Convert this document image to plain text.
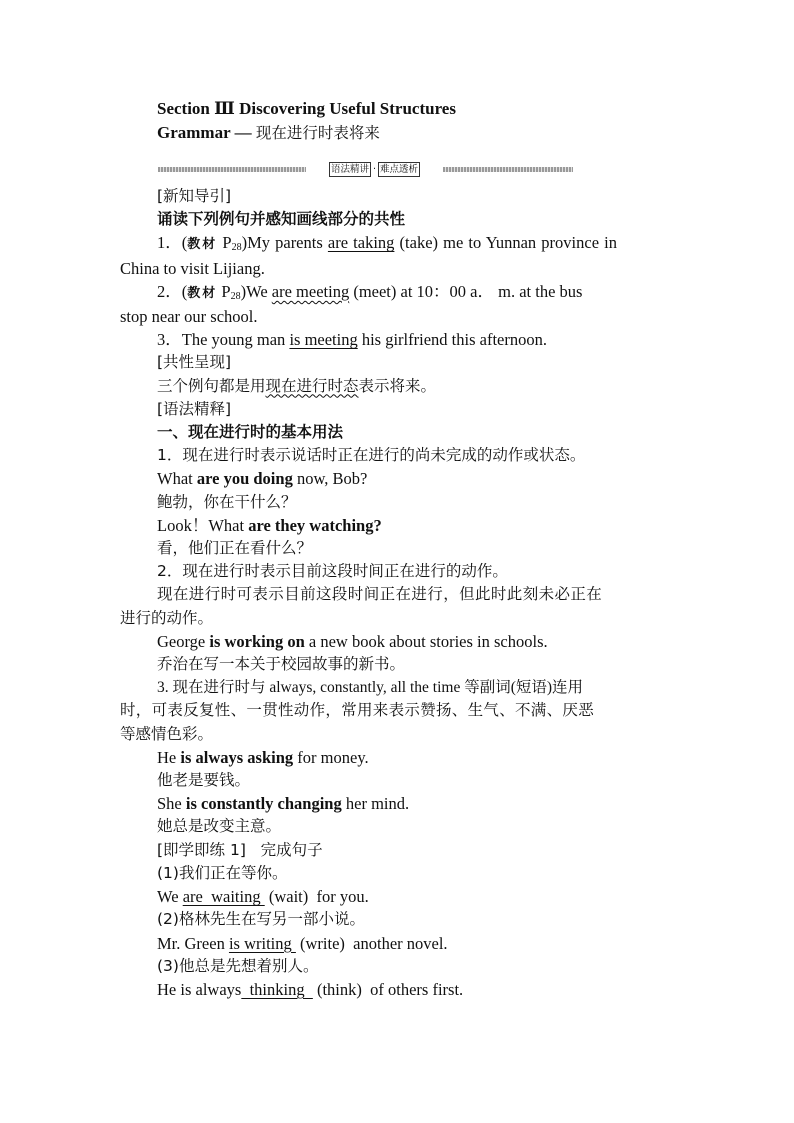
Section Ⅲ Discovering Useful Structures
Grammar — 现在进行时表将来
语法精讲 · 难点透析
[新知导引]
诵读下列例句并感知画线部分的共性
1．(教材 $P_{28})My$ parents are taking (take) me to Yunnan province in
China to visit Lijiang.
2．(教材 $P_{28})We$ are meeting (meet) at 10：00 a． m. at the bus
stop near our school.
3．The young man is meeting his girlfriend this afternoon.
[共性呈现]
三个例句都是用现在进行时态表示将来。
[语法精释]
一、现在进行时的基本用法
1．现在进行时表示说话时正在进行的尚未完成的动作或状态。
What are you doing now, Bob?
鲍勃，你在干什么？
Look！What are they watching?
看，他们正在看什么？
2．现在进行时表示目前这段时间正在进行的动作。
现在进行时可表示目前这段时间正在进行，但此时此刻未必正在
进行的动作。
George is working on a new book about stories in schools.
乔治在写一本关于校园故事的新书。
3. 现在进行时与 always, constantly, all the time 等副词(短语)连用
时，可表反复性、一贯性动作，常用来表示赞扬、生气、不满、厌恶
等感情色彩。
He is always asking for money.
他老是要钱。
She is constantly changing her mind.
她总是改变主意。
[即学即练 1] 完成句子
(1)我们正在等你。
We are  waiting  (wait)  for you.
(2)格林先生在写另一部小说。
Mr. Green is writing  (write)  another novel.
(3)他总是先想着别人。
He is always  thinking   (think)  of others first.
